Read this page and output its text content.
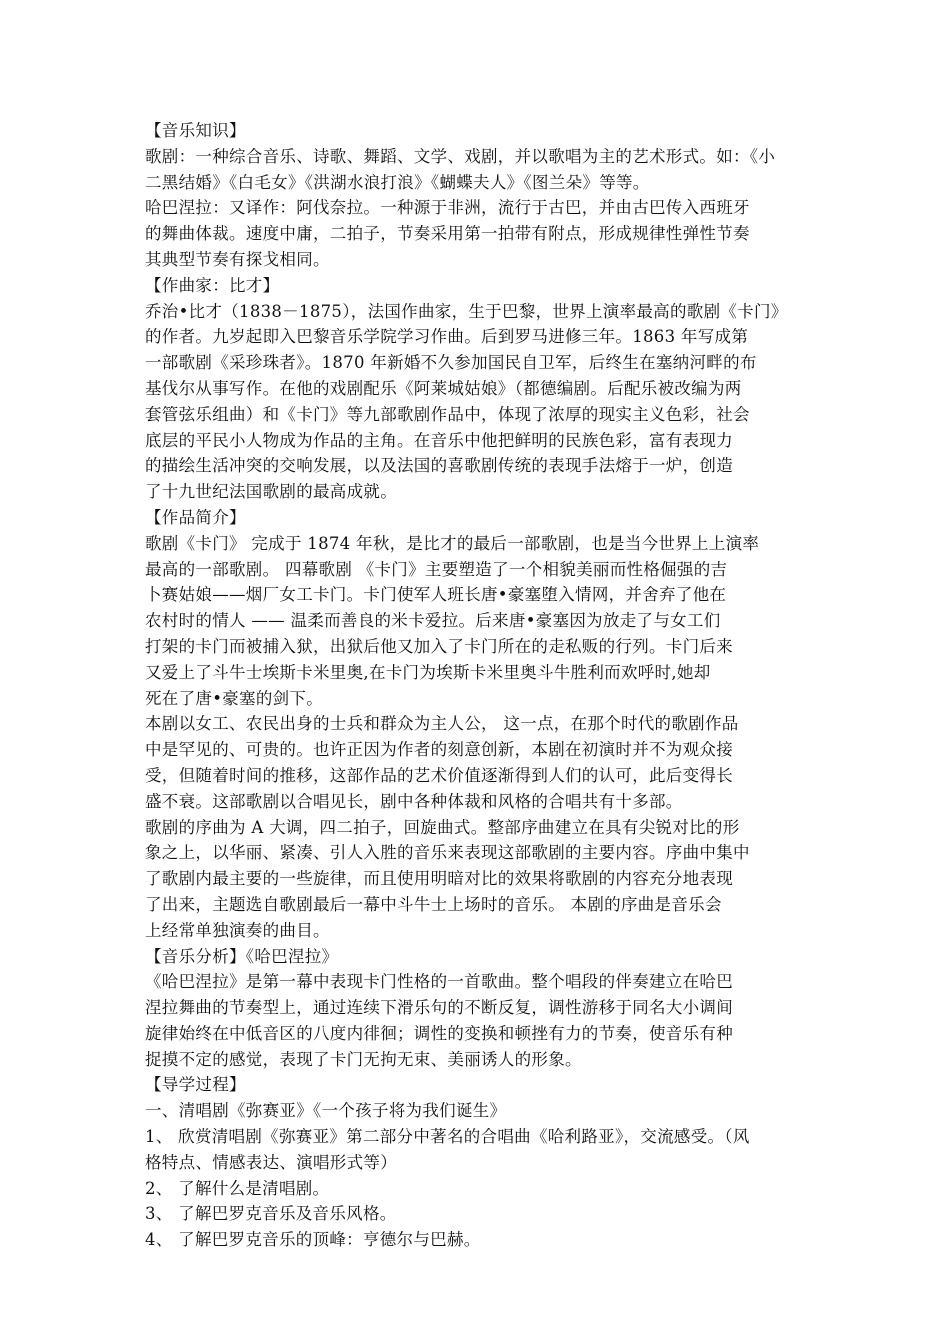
【音乐知识】
歌剧：一种综合音乐、诗歌、舞蹈、文学、戏剧，并以歌唱为主的艺术形式。如：《小
二黑结婚》《白毛女》《洪湖水浪打浪》《蝴蝶夫人》《图兰朵》等等。
哈巴涅拉：又译作：阿伐奈拉。一种源于非洲，流行于古巴，并由古巴传入西班牙
的舞曲体裁。速度中庸，二拍子，节奏采用第一拍带有附点，形成规律性弹性节奏
其典型节奏有探戈相同。
【作曲家：比才】
乔治•比才（1838－1875），法国作曲家，生于巴黎，世界上演率最高的歌剧《卡门》
的作者。九岁起即入巴黎音乐学院学习作曲。后到罗马进修三年。1863 年写成第
一部歌剧《采珍珠者》。1870 年新婚不久参加国民自卫军，后终生在塞纳河畔的布
基伐尔从事写作。在他的戏剧配乐《阿莱城姑娘》（都德编剧。后配乐被改编为两
套管弦乐组曲）和《卡门》等九部歌剧作品中，体现了浓厚的现实主义色彩，社会
底层的平民小人物成为作品的主角。在音乐中他把鲜明的民族色彩，富有表现力
的描绘生活冲突的交响发展，以及法国的喜歌剧传统的表现手法熔于一炉，创造
了十九世纪法国歌剧的最高成就。
【作品简介】
歌剧《卡门》 完成于 1874 年秋，是比才的最后一部歌剧，也是当今世界上上演率
最高的一部歌剧。 四幕歌剧 《卡门》主要塑造了一个相貌美丽而性格倔强的吉
卜赛姑娘——烟厂女工卡门。卡门使军人班长唐•豪塞堕入情网，并舍弃了他在
农村时的情人 —— 温柔而善良的米卡爱拉。后来唐•豪塞因为放走了与女工们
打架的卡门而被捕入狱，出狱后他又加入了卡门所在的走私贩的行列。卡门后来
又爱上了斗牛士埃斯卡米里奥,在卡门为埃斯卡米里奥斗牛胜利而欢呼时,她却
死在了唐•豪塞的剑下。
本剧以女工、农民出身的士兵和群众为主人公， 这一点，在那个时代的歌剧作品
中是罕见的、可贵的。也许正因为作者的刻意创新，本剧在初演时并不为观众接
受，但随着时间的推移，这部作品的艺术价值逐渐得到人们的认可，此后变得长
盛不衰。这部歌剧以合唱见长，剧中各种体裁和风格的合唱共有十多部。
歌剧的序曲为 A 大调，四二拍子，回旋曲式。整部序曲建立在具有尖锐对比的形
象之上，以华丽、紧凑、引人入胜的音乐来表现这部歌剧的主要内容。序曲中集中
了歌剧内最主要的一些旋律，而且使用明暗对比的效果将歌剧的内容充分地表现
了出来，主题选自歌剧最后一幕中斗牛士上场时的音乐。 本剧的序曲是音乐会
上经常单独演奏的曲目。
【音乐分析】《哈巴涅拉》
《哈巴涅拉》是第一幕中表现卡门性格的一首歌曲。整个唱段的伴奏建立在哈巴
涅拉舞曲的节奏型上，通过连续下滑乐句的不断反复，调性游移于同名大小调间
旋律始终在中低音区的八度内徘徊；调性的变换和顿挫有力的节奏，使音乐有种
捉摸不定的感觉，表现了卡门无拘无束、美丽诱人的形象。
【导学过程】
一、清唱剧《弥赛亚》《一个孩子将为我们诞生》
1、 欣赏清唱剧《弥赛亚》第二部分中著名的合唱曲《哈利路亚》，交流感受。（风
格特点、情感表达、演唱形式等）
2、 了解什么是清唱剧。
3、 了解巴罗克音乐及音乐风格。
4、 了解巴罗克音乐的顶峰：亨德尔与巴赫。
